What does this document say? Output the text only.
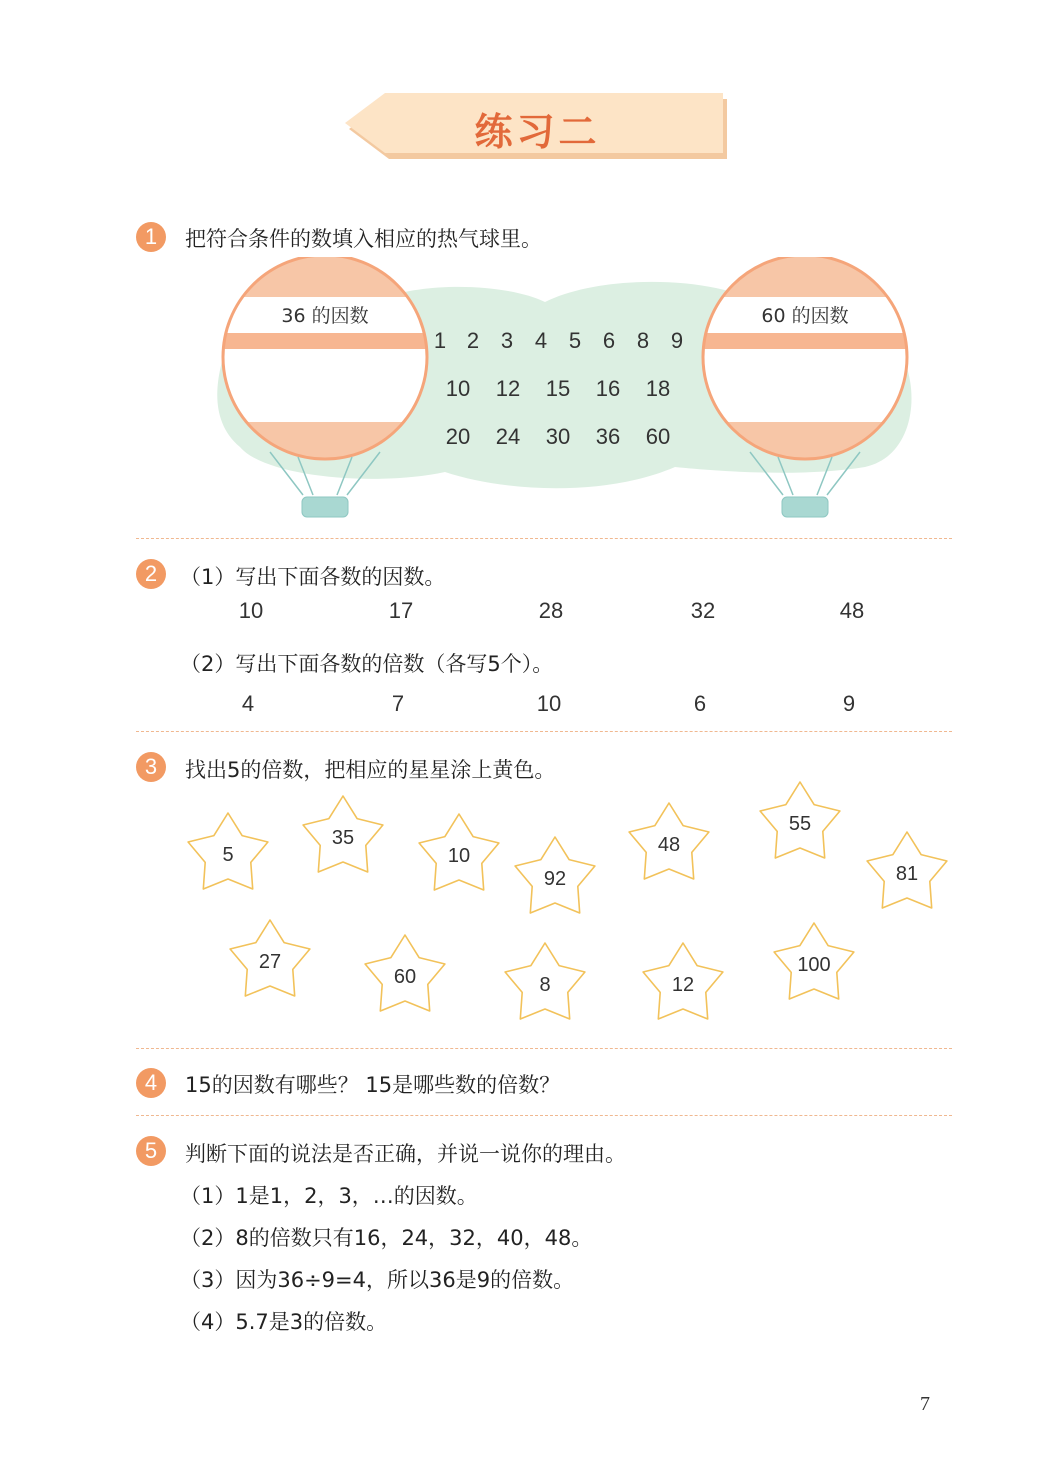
练习二
1	把符合条件的数填入相应的热气球里。
36 的因数	60 的因数
1 2 3 4 5 6 8 9
10	12	15	16	18
20	24	30	36	60
2	（1）写出下面各数的因数。
10	17	28	32	48
（2）写出下面各数的倍数（各写5个）。
4	7	10	6	9
3	找出5的倍数，把相应的星星涂上黄色。
5
35
10
92
48
55
81
27
60	8	12
100
4	15的因数有哪些？ 15是哪些数的倍数？
5	判断下面的说法是否正确，并说一说你的理由。
（1）1是1，2，3，…的因数。
（2）8的倍数只有16，24，32，40，48。
（3）因为36÷9=4，所以36是9的倍数。
（4）5.7是3的倍数。
7
